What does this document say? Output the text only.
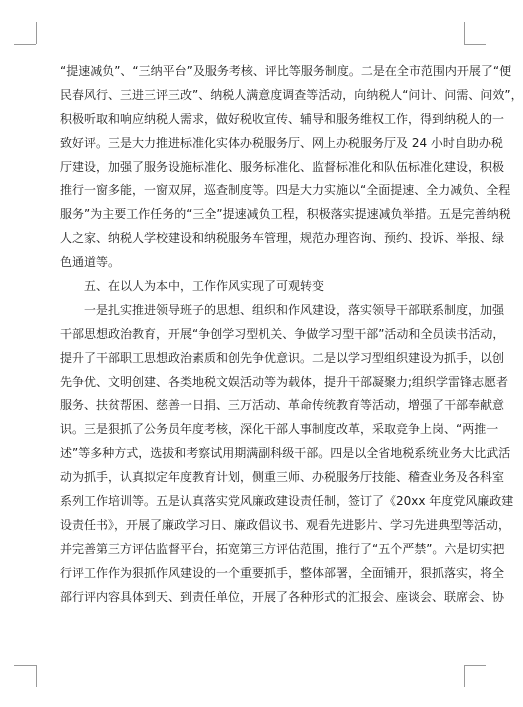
“提速减负”、“三纳平台”及服务考核、评比等服务制度。二是在全市范围内开展了“便
民春风行、三进三评三改”、纳税人满意度调查等活动，向纳税人“问计、问需、问效”，
积极听取和响应纳税人需求，做好税收宣传、辅导和服务维权工作，得到纳税人的一
致好评。三是大力推进标准化实体办税服务厅、网上办税服务厅及 24 小时自助办税
厅建设，加强了服务设施标准化、服务标准化、监督标准化和队伍标准化建设，积极
推行一窗多能，一窗双屏，巡查制度等。四是大力实施以“全面提速、全力减负、全程
服务”为主要工作任务的“三全”提速减负工程，积极落实提速减负举措。五是完善纳税
人之家、纳税人学校建设和纳税服务车管理，规范办理咨询、预约、投诉、举报、绿
色通道等。
五、在以人为本中，工作作风实现了可观转变
一是扎实推进领导班子的思想、组织和作风建设，落实领导干部联系制度，加强
干部思想政治教育，开展“争创学习型机关、争做学习型干部”活动和全员读书活动，
提升了干部职工思想政治素质和创先争优意识。二是以学习型组织建设为抓手，以创
先争优、文明创建、各类地税文娱活动等为载体，提升干部凝聚力;组织学雷锋志愿者
服务、扶贫帮困、慈善一日捐、三万活动、革命传统教育等活动，增强了干部奉献意
识。三是狠抓了公务员年度考核，深化干部人事制度改革，采取竞争上岗、“两推一
述”等多种方式，选拔和考察试用期满副科级干部。四是以全省地税系统业务大比武活
动为抓手，认真拟定年度教育计划，侧重三师、办税服务厅技能、稽查业务及各科室
系列工作培训等。五是认真落实党风廉政建设责任制，签订了《20xx 年度党风廉政建
设责任书》，开展了廉政学习日、廉政倡议书、观看先进影片、学习先进典型等活动，
并完善第三方评估监督平台，拓宽第三方评估范围，推行了“五个严禁”。六是切实把
行评工作作为狠抓作风建设的一个重要抓手，整体部署，全面铺开，狠抓落实，将全
部行评内容具体到天、到责任单位，开展了各种形式的汇报会、座谈会、联席会、协
